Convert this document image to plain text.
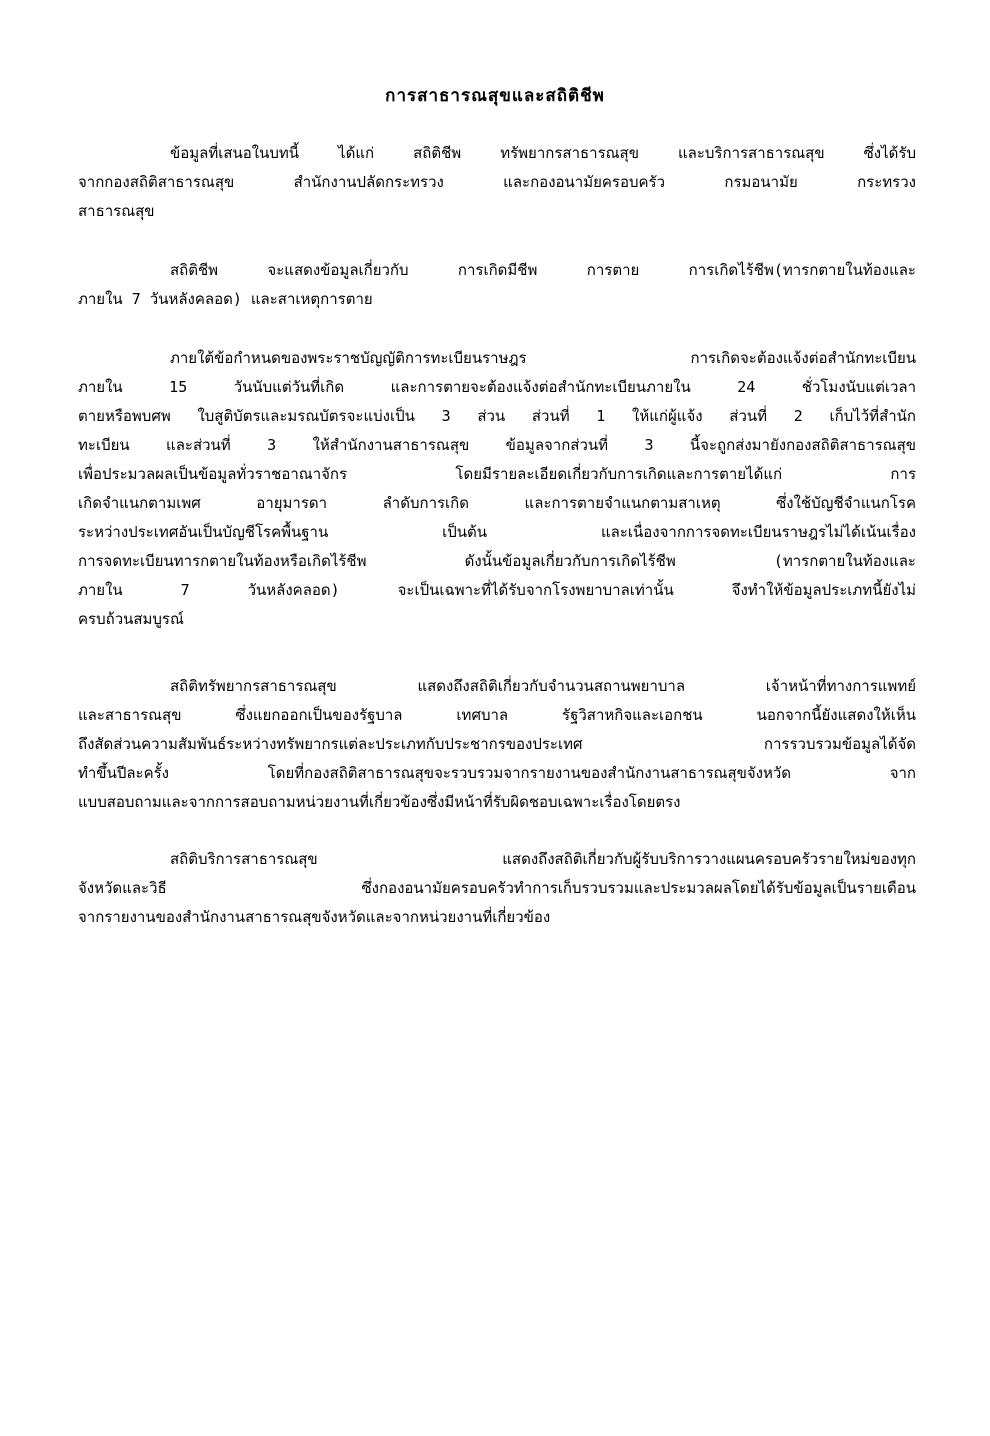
การสาธารณสุขและสถิติชีพ
ข้อมูลที่เสนอในบทนี้ ได้แก่ สถิติชีพ ทรัพยากรสาธารณสุข และบริการสาธารณสุข ซึ่งได้รับ
จากกองสถิติสาธารณสุข สำนักงานปลัดกระทรวง และกองอนามัยครอบครัว กรมอนามัย กระทรวง
สาธารณสุข
สถิติชีพ จะแสดงข้อมูลเกี่ยวกับ การเกิดมีชีพ การตาย การเกิดไร้ชีพ(ทารกตายในท้องและ
ภายใน 7 วันหลังคลอด) และสาเหตุการตาย
ภายใต้ข้อกำหนดของพระราชบัญญัติการทะเบียนราษฎร การเกิดจะต้องแจ้งต่อสำนักทะเบียน
ภายใน 15 วันนับแต่วันที่เกิด และการตายจะต้องแจ้งต่อสำนักทะเบียนภายใน 24 ชั่วโมงนับแต่เวลา
ตายหรือพบศพ ใบสูติบัตรและมรณบัตรจะแบ่งเป็น 3 ส่วน ส่วนที่ 1 ให้แก่ผู้แจ้ง ส่วนที่ 2 เก็บไว้ที่สำนัก
ทะเบียน และส่วนที่ 3 ให้สำนักงานสาธารณสุข ข้อมูลจากส่วนที่ 3 นี้จะถูกส่งมายังกองสถิติสาธารณสุข
เพื่อประมวลผลเป็นข้อมูลทั่วราชอาณาจักร โดยมีรายละเอียดเกี่ยวกับการเกิดและการตายได้แก่ การ
เกิดจำแนกตามเพศ อายุมารดา ลำดับการเกิด และการตายจำแนกตามสาเหตุ ซึ่งใช้บัญชีจำแนกโรค
ระหว่างประเทศอันเป็นบัญชีโรคพื้นฐาน เป็นต้น และเนื่องจากการจดทะเบียนราษฎรไม่ได้เน้นเรื่อง
การจดทะเบียนทารกตายในท้องหรือเกิดไร้ชีพ ดังนั้นข้อมูลเกี่ยวกับการเกิดไร้ชีพ (ทารกตายในท้องและ
ภายใน 7 วันหลังคลอด) จะเป็นเฉพาะที่ได้รับจากโรงพยาบาลเท่านั้น จึงทำให้ข้อมูลประเภทนี้ยังไม่
ครบถ้วนสมบูรณ์
สถิติทรัพยากรสาธารณสุข แสดงถึงสถิติเกี่ยวกับจำนวนสถานพยาบาล เจ้าหน้าที่ทางการแพทย์
และสาธารณสุข ซึ่งแยกออกเป็นของรัฐบาล เทศบาล รัฐวิสาหกิจและเอกชน นอกจากนี้ยังแสดงให้เห็น
ถึงสัดส่วนความสัมพันธ์ระหว่างทรัพยากรแต่ละประเภทกับประชากรของประเทศ การรวบรวมข้อมูลได้จัด
ทำขึ้นปีละครั้ง โดยที่กองสถิติสาธารณสุขจะรวบรวมจากรายงานของสำนักงานสาธารณสุขจังหวัด จาก
แบบสอบถามและจากการสอบถามหน่วยงานที่เกี่ยวข้องซึ่งมีหน้าที่รับผิดชอบเฉพาะเรื่องโดยตรง
สถิติบริการสาธารณสุข แสดงถึงสถิติเกี่ยวกับผู้รับบริการวางแผนครอบครัวรายใหม่ของทุก
จังหวัดและวิธี ซึ่งกองอนามัยครอบครัวทำการเก็บรวบรวมและประมวลผลโดยได้รับข้อมูลเป็นรายเดือน
จากรายงานของสำนักงานสาธารณสุขจังหวัดและจากหน่วยงานที่เกี่ยวข้อง
